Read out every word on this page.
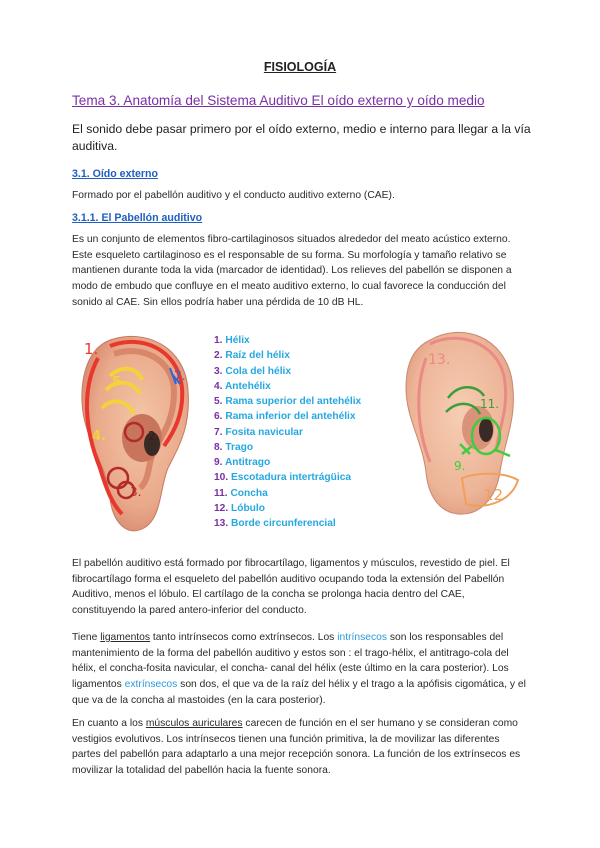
FISIOLOGÍA
Tema 3. Anatomía del Sistema Auditivo El oído externo y oído medio
El sonido debe pasar primero por el oído externo, medio e interno para llegar a la vía auditiva.
3.1. Oído externo
Formado por el pabellón auditivo y el conducto auditivo externo (CAE).
3.1.1. El Pabellón auditivo
Es un conjunto de elementos fibro-cartilaginosos situados alrededor del meato acústico externo. Este esqueleto cartilaginoso es el responsable de su forma. Su morfología y tamaño relativo se mantienen durante toda la vida (marcador de identidad). Los relieves del pabellón se disponen a modo de embudo que confluye en el meato auditivo externo, lo cual favorece la conducción del sonido al CAE. Sin ellos podría haber una pérdida de 10 dB HL.
1.
5
4.
7.
2.
3.
1. Hélix
2. Raíz del hélix
3. Cola del hélix
4. Antehélix
5. Rama superior del antehélix
6. Rama inferior del antehélix
7. Fosita navicular
8. Trago
9. Antitrago
10. Escotadura intertrágüica
11. Concha
12. Lóbulo
13. Borde circunferencial
13.
11.
9.
12
El pabellón auditivo está formado por fibrocartílago, ligamentos y músculos, revestido de piel. El fibrocartílago forma el esqueleto del pabellón auditivo ocupando toda la extensión del Pabellón Auditivo, menos el lóbulo. El cartílago de la concha se prolonga hacia dentro del CAE, constituyendo la pared antero-inferior del conducto.
Tiene ligamentos tanto intrínsecos como extrínsecos. Los intrínsecos son los responsables del mantenimiento de la forma del pabellón auditivo y estos son : el trago-hélix, el antitrago-cola del hélix, el concha-fosita navicular, el concha- canal del hélix (este último en la cara posterior). Los ligamentos extrínsecos son dos, el que va de la raíz del hélix y el trago a la apófisis cigomática, y el que va de la concha al mastoides (en la cara posterior).
En cuanto a los músculos auriculares carecen de función en el ser humano y se consideran como vestigios evolutivos. Los intrínsecos tienen una función primitiva, la de movilizar las diferentes partes del pabellón para adaptarlo a una mejor recepción sonora. La función de los extrínsecos es movilizar la totalidad del pabellón hacia la fuente sonora.
